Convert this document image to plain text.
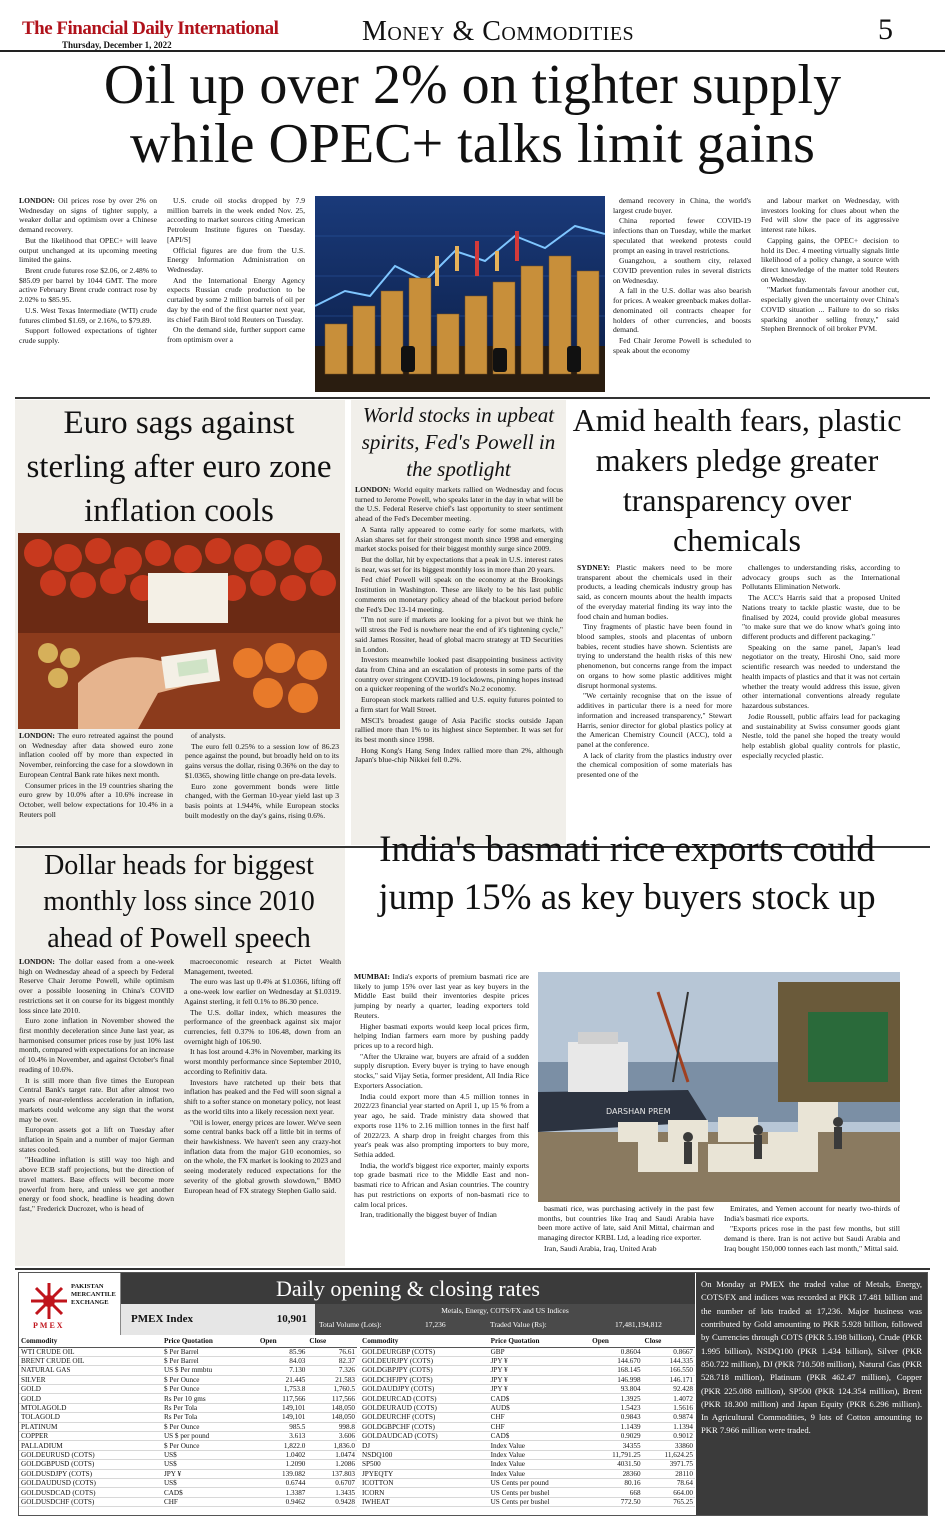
The Financial Daily International
Thursday, December 1, 2022	Money & Commodities	5
Oil up over 2% on tighter supply
while OPEC+ talks limit gains

LONDON: Oil prices rose by over 2% on Wednesday on signs of tighter supply, a weaker dollar and optimism over a Chinese demand recovery.

But the likelihood that OPEC+ will leave output unchanged at its upcoming meeting limited the gains.

Brent crude futures rose $2.06, or 2.48% to $85.09 per barrel by 1044 GMT. The more active February Brent crude contract rose by 2.02% to $85.95.

U.S. West Texas Intermediate (WTI) crude futures climbed $1.69, or 2.16%, to $79.89.

Support followed expectations of tighter crude supply.

U.S. crude oil stocks dropped by 7.9 million barrels in the week ended Nov. 25, according to market sources citing American Petroleum Institute figures on Tuesday. [API/S]

Official figures are due from the U.S. Energy Information Administration on Wednesday.

And the International Energy Agency expects Russian crude production to be curtailed by some 2 million barrels of oil per day by the end of the first quarter next year, its chief Fatih Birol told Reuters on Tuesday.

On the demand side, further support came from optimism over a

demand recovery in China, the world's largest crude buyer.

China reported fewer COVID-19 infections than on Tuesday, while the market speculated that weekend protests could prompt an easing in travel restrictions.

Guangzhou, a southern city, relaxed COVID prevention rules in several districts on Wednesday.

A fall in the U.S. dollar was also bearish for prices. A weaker greenback makes dollar-denominated oil contracts cheaper for holders of other currencies, and boosts demand.

Fed Chair Jerome Powell is scheduled to speak about the economy

and labour market on Wednesday, with investors looking for clues about when the Fed will slow the pace of its aggressive interest rate hikes.

Capping gains, the OPEC+ decision to hold its Dec. 4 meeting virtually signals little likelihood of a policy change, a source with direct knowledge of the matter told Reuters on Wednesday.

"Market fundamentals favour another cut, especially given the uncertainty over China's COVID situation ... Failure to do so risks sparking another selling frenzy," said Stephen Brennock of oil broker PVM.

Euro sags against sterling after euro zone inflation cools

LONDON: The euro retreated against the pound on Wednesday after data showed euro zone inflation cooled off by more than expected in November, reinforcing the case for a slowdown in European Central Bank rate hikes next month.

Consumer prices in the 19 countries sharing the euro grew by 10.0% after a 10.6% increase in October, well below expectations for 10.4% in a Reuters poll

of analysts.

The euro fell 0.25% to a session low of 86.23 pence against the pound, but broadly held on to its gains versus the dollar, rising 0.36% on the day to $1.0365, showing little change on pre-data levels.

Euro zone government bonds were little changed, with the German 10-year yield last up 3 basis points at 1.944%, while European stocks built modestly on the day's gains, rising 0.6%.

World stocks in upbeat spirits, Fed's Powell in the spotlight

LONDON: World equity markets rallied on Wednesday and focus turned to Jerome Powell, who speaks later in the day in what will be the U.S. Federal Reserve chief's last opportunity to steer sentiment ahead of the Fed's December meeting.

A Santa rally appeared to come early for some markets, with Asian shares set for their strongest month since 1998 and emerging market stocks poised for their biggest monthly surge since 2009.

But the dollar, hit by expectations that a peak in U.S. interest rates is near, was set for its biggest monthly loss in more than 20 years.

Fed chief Powell will speak on the economy at the Brookings Institution in Washington. These are likely to be his last public comments on monetary policy ahead of the blackout period before the Fed's Dec 13-14 meeting.

"I'm not sure if markets are looking for a pivot but we think he will stress the Fed is nowhere near the end of it's tightening cycle," said James Rossiter, head of global macro strategy at TD Securities in London.

Investors meanwhile looked past disappointing business activity data from China and an escalation of protests in some parts of the country over stringent COVID-19 lockdowns, pinning hopes instead on a quicker reopening of the world's No.2 economy.

European stock markets rallied and U.S. equity futures pointed to a firm start for Wall Street.

MSCI's broadest gauge of Asia Pacific stocks outside Japan rallied more than 1% to its highest since September. It was set for its best month since 1998.

Hong Kong's Hang Seng Index rallied more than 2%, although Japan's blue-chip Nikkei fell 0.2%.

Amid health fears, plastic makers pledge greater transparency over chemicals

SYDNEY: Plastic makers need to be more transparent about the chemicals used in their products, a leading chemicals industry group has said, as concern mounts about the health impacts of the everyday material finding its way into the food chain and human bodies.

Tiny fragments of plastic have been found in blood samples, stools and placentas of unborn babies, recent studies have shown. Scientists are trying to understand the health risks of this new phenomenon, but concerns range from the impact on organs to how some plastic additives might disrupt hormonal systems.

"We certainly recognise that on the issue of additives in particular there is a need for more information and increased transparency," Stewart Harris, senior director for global plastics policy at the American Chemistry Council (ACC), told a panel at the conference.

A lack of clarity from the plastics industry over the chemical composition of some materials has presented one of the

challenges to understanding risks, according to advocacy groups such as the International Pollutants Elimination Network.

The ACC's Harris said that a proposed United Nations treaty to tackle plastic waste, due to be finalised by 2024, could provide global measures "to make sure that we do know what's going into different products and different packaging."

Speaking on the same panel, Japan's lead negotiator on the treaty, Hiroshi Ono, said more scientific research was needed to understand the health impacts of plastics and that it was not certain whether the treaty would address this issue, given other international conventions already regulate hazardous substances.

Jodie Roussell, public affairs lead for packaging and sustainability at Swiss consumer goods giant Nestle, told the panel she hoped the treaty would help establish global quality controls for plastic, especially recycled plastic.

Dollar heads for biggest monthly loss since 2010 ahead of Powell speech

LONDON: The dollar eased from a one-week high on Wednesday ahead of a speech by Federal Reserve Chair Jerome Powell, while optimism over a possible loosening in China's COVID restrictions set it on course for its biggest monthly loss since late 2010.

Euro zone inflation in November showed the first monthly deceleration since June last year, as harmonised consumer prices rose by just 10% last month, compared with expectations for an increase of 10.4% in November, and against October's final reading of 10.6%.

It is still more than five times the European Central Bank's target rate. But after almost two years of near-relentless acceleration in inflation, markets could welcome any sign that the worst may be over.

European assets got a lift on Tuesday after inflation in Spain and a number of major German states cooled.

"Headline inflation is still way too high and above ECB staff projections, but the direction of travel matters. Base effects will become more powerful from here, and unless we get another energy or food shock, headline is heading down fast," Frederick Ducrozet, who is head of

macroeconomic research at Pictet Wealth Management, tweeted.

The euro was last up 0.4% at $1.0366, lifting off a one-week low earlier on Wednesday at $1.0319. Against sterling, it fell 0.1% to 86.30 pence.

The U.S. dollar index, which measures the performance of the greenback against six major currencies, fell 0.37% to 106.48, down from an overnight high of 106.90.

It has lost around 4.3% in November, marking its worst monthly performance since September 2010, according to Refinitiv data.

Investors have ratcheted up their bets that inflation has peaked and the Fed will soon signal a shift to a softer stance on monetary policy, not least as the world tilts into a likely recession next year.

"Oil is lower, energy prices are lower. We've seen some central banks back off a little bit in terms of their hawkishness. We haven't seen any crazy-hot inflation data from the major G10 economies, so on the whole, the FX market is looking to 2023 and seeing moderately reduced expectations for the severity of the global growth slowdown," BMO European head of FX strategy Stephen Gallo said.

India's basmati rice exports could jump 15% as key buyers stock up

MUMBAI: India's exports of premium basmati rice are likely to jump 15% over last year as key buyers in the Middle East build their inventories despite prices jumping by nearly a quarter, leading exporters told Reuters.

Higher basmati exports would keep local prices firm, helping Indian farmers earn more by pushing paddy prices up to a record high.

"After the Ukraine war, buyers are afraid of a sudden supply disruption. Every buyer is trying to have enough stocks," said Vijay Setia, former president, All India Rice Exporters Association.

India could export more than 4.5 million tonnes in 2022/23 financial year started on April 1, up 15 % from a year ago, he said. Trade ministry data showed that exports rose 11% to 2.16 million tonnes in the first half of 2022/23. A sharp drop in freight charges from this year's peak was also prompting importers to buy more, Sethia added.

India, the world's biggest rice exporter, mainly exports top grade basmati rice to the Middle East and non-basmati rice to African and Asian countries. The country has put restrictions on exports of non-basmati rice to calm local prices.

Iran, traditionally the biggest buyer of Indian

DARSHAN PREM

basmati rice, was purchasing actively in the past few months, but countries like Iraq and Saudi Arabia have been more active of late, said Anil Mittal, chairman and managing director KRBL Ltd, a leading rice exporter.

Iran, Saudi Arabia, Iraq, United Arab

Emirates, and Yemen account for nearly two-thirds of India's basmati rice exports.

"Exports prices rose in the past few months, but still demand is there. Iran is not active but Saudi Arabia and Iraq bought 150,000 tonnes each last month," Mittal said.

PAKISTAN
MERCANTILE
EXCHANGE
PMEX
Daily opening & closing rates
PMEX Index	10,901
Metals, Energy, COTS/FX and US Indices
Total Volume (Lots):	17,236	Traded Value (Rs):	17,481,194,812
Commodity	Price Quotation	Open	Close
WTI CRUDE OIL	$ Per Barrel	85.96	76.61
BRENT CRUDE OIL	$ Per Barrel	84.03	82.37
NATURAL GAS	US $ Per mmbtu	7.130	7.326
SILVER	$ Per Ounce	21.445	21.583
GOLD	$ Per Ounce	1,753.8	1,760.5
GOLD	Rs Per 10 gms	117,566	117,566
MTOLAGOLD	Rs Per Tola	149,101	148,050
TOLAGOLD	Rs Per Tola	149,101	148,050
PLATINUM	$ Per Ounce	985.5	998.8
COPPER	US $ per pound	3.613	3.606
PALLADIUM	$ Per Ounce	1,822.0	1,836.0
GOLDEURUSD (COTS)	US$	1.0402	1.0474
GOLDGBPUSD (COTS)	US$	1.2090	1.2086
GOLDUSDJPY (COTS)	JPY ¥	139.082	137.803
GOLDAUDUSD (COTS)	US$	0.6744	0.6707
GOLDUSDCAD (COTS)	CAD$	1.3387	1.3435
GOLDUSDCHF (COTS)	CHF	0.9462	0.9428
Commodity	Price Quotation	Open	Close
GOLDEURGBP (COTS)	GBP	0.8604	0.8667
GOLDEURJPY (COTS)	JPY ¥	144.670	144.335
GOLDGBPJPY (COTS)	JPY ¥	168.145	166.550
GOLDCHFJPY (COTS)	JPY ¥	146.998	146.171
GOLDAUDJPY (COTS)	JPY ¥	93.804	92.428
GOLDEURCAD (COTS)	CAD$	1.3925	1.4072
GOLDEURAUD (COTS)	AUD$	1.5423	1.5616
GOLDEURCHF (COTS)	CHF	0.9843	0.9874
GOLDGBPCHF (COTS)	CHF	1.1439	1.1394
GOLDAUDCAD (COTS)	CAD$	0.9029	0.9012
DJ	Index Value	34355	33860
NSDQ100	Index Value	11,791.25	11,624.25
SP500	Index Value	4031.50	3971.75
JPYEQTY	Index Value	28360	28110
ICOTTON	US Cents per pound	80.16	78.64
ICORN	US Cents per bushel	668	664.00
IWHEAT	US Cents per bushel	772.50	765.25
On Monday at PMEX the traded value of Metals, Energy, COTS/FX and indices was recorded at PKR 17.481 billion and the number of lots traded at 17,236. Major business was contributed by Gold amounting to PKR 5.928 billion, followed by Currencies through COTS (PKR 5.198 billion), Crude (PKR 1.995 billion), NSDQ100 (PKR 1.434 billion), Silver (PKR 850.722 million), DJ (PKR 710.508 million), Natural Gas (PKR 528.718 million), Platinum (PKR 462.47 million), Copper (PKR 225.088 million), SP500 (PKR 124.354 million), Brent (PKR 18.300 million) and Japan Equity (PKR 6.296 million). In Agricultural Commodities, 9 lots of Cotton amounting to PKR 7.966 million were traded.
